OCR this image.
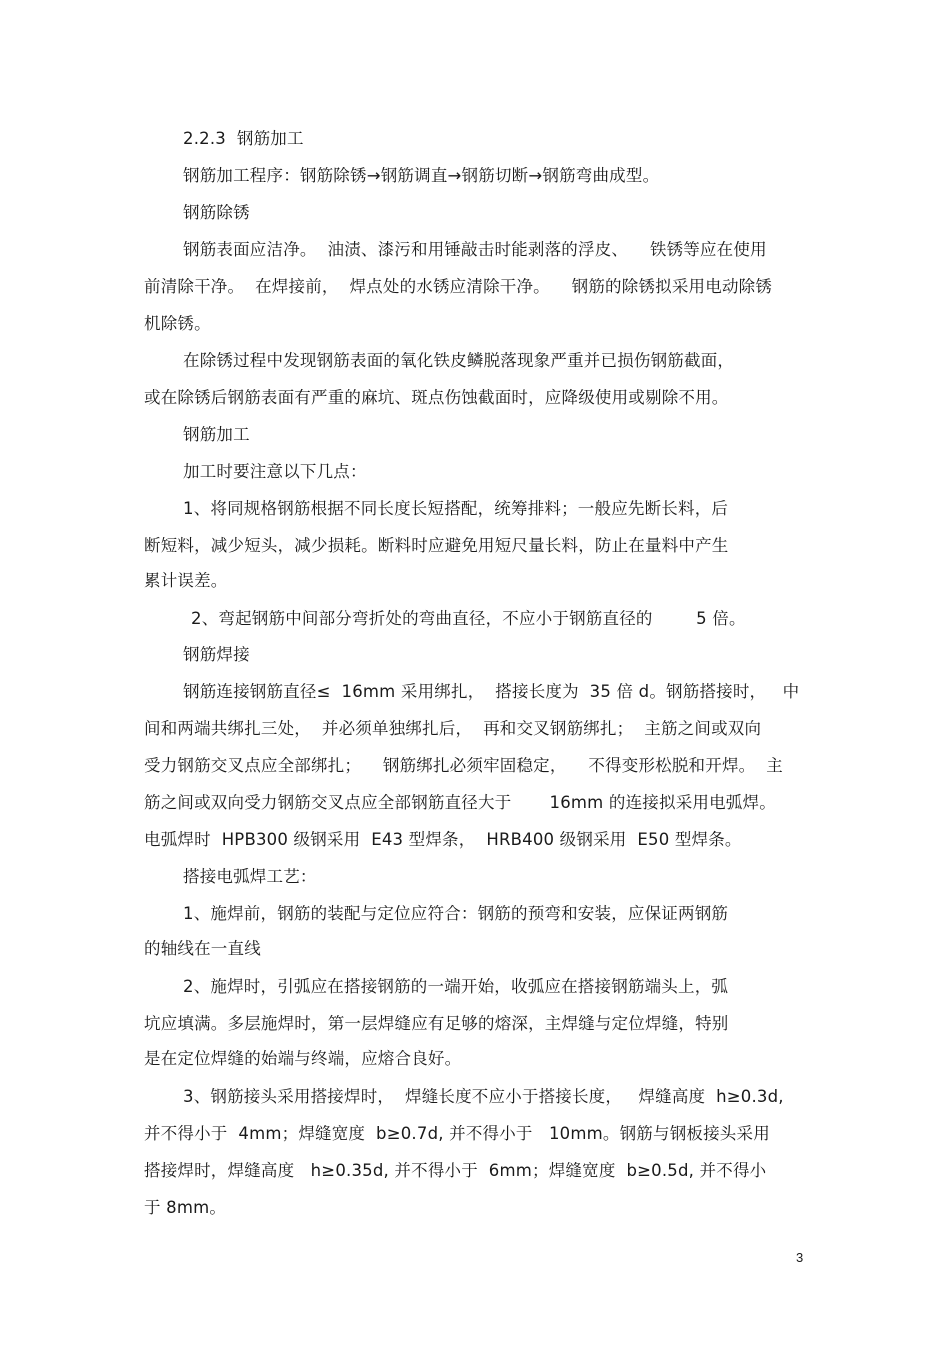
2.2.3  钢筋加工
钢筋加工程序：钢筋除锈→钢筋调直→钢筋切断→钢筋弯曲成型。
钢筋除锈
钢筋表面应洁净。  油渍、漆污和用锤敲击时能剥落的浮皮、    铁锈等应在使用
前清除干净。  在焊接前，  焊点处的水锈应清除干净。    钢筋的除锈拟采用电动除锈
机除锈。
在除锈过程中发现钢筋表面的氧化铁皮鳞脱落现象严重并已损伤钢筋截面，
或在除锈后钢筋表面有严重的麻坑、斑点伤蚀截面时，应降级使用或剔除不用。
钢筋加工
加工时要注意以下几点：
1、将同规格钢筋根据不同长度长短搭配，统筹排料；一般应先断长料，后
断短料，减少短头，减少损耗。断料时应避免用短尺量长料，防止在量料中产生
累计误差。
2、弯起钢筋中间部分弯折处的弯曲直径，不应小于钢筋直径的        5 倍。
钢筋焊接
钢筋连接钢筋直径≤  16mm 采用绑扎，  搭接长度为  35 倍 d。钢筋搭接时，   中
间和两端共绑扎三处，  并必须单独绑扎后，  再和交叉钢筋绑扎；  主筋之间或双向
受力钢筋交叉点应全部绑扎；    钢筋绑扎必须牢固稳定，    不得变形松脱和开焊。  主
筋之间或双向受力钢筋交叉点应全部钢筋直径大于       16mm 的连接拟采用电弧焊。
电弧焊时  HPB300 级钢采用  E43 型焊条，  HRB400 级钢采用  E50 型焊条。
搭接电弧焊工艺：
1、施焊前，钢筋的装配与定位应符合：钢筋的预弯和安装，应保证两钢筋
的轴线在一直线
2、施焊时，引弧应在搭接钢筋的一端开始，收弧应在搭接钢筋端头上，弧
坑应填满。多层施焊时，第一层焊缝应有足够的熔深，主焊缝与定位焊缝，特别
是在定位焊缝的始端与终端，应熔合良好。
3、钢筋接头采用搭接焊时，  焊缝长度不应小于搭接长度，   焊缝高度  h≥0.3d,
并不得小于  4mm；焊缝宽度  b≥0.7d, 并不得小于   10mm。钢筋与钢板接头采用
搭接焊时，焊缝高度   h≥0.35d, 并不得小于  6mm；焊缝宽度  b≥0.5d, 并不得小
于 8mm。
3
